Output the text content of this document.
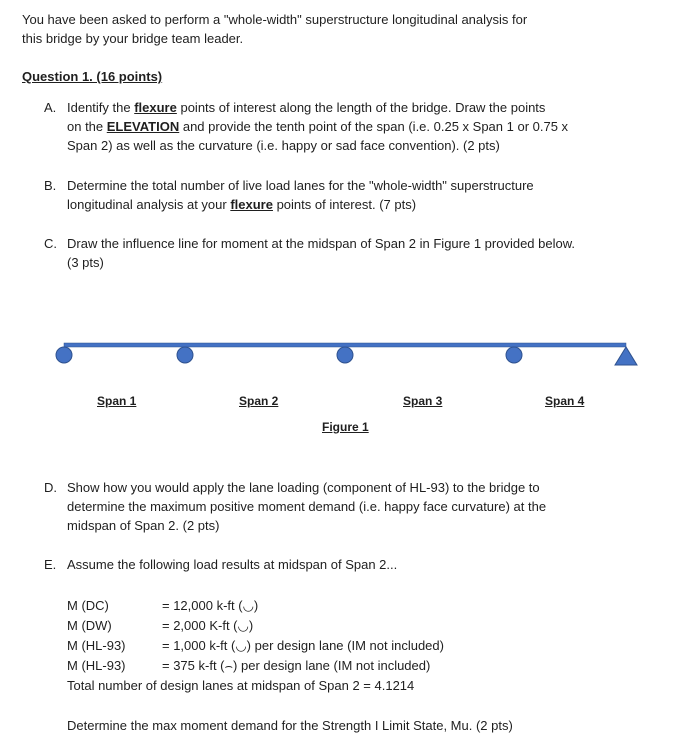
You have been asked to perform a "whole-width" superstructure longitudinal analysis for
this bridge by your bridge team leader.
Question 1. (16 points)
A. Identify the flexure points of interest along the length of the bridge. Draw the points
on the ELEVATION and provide the tenth point of the span (i.e. 0.25 x Span 1 or 0.75 x
Span 2) as well as the curvature (i.e. happy or sad face convention). (2 pts)
B. Determine the total number of live load lanes for the "whole-width" superstructure
longitudinal analysis at your flexure points of interest. (7 pts)
C. Draw the influence line for moment at the midspan of Span 2 in Figure 1 provided below.
(3 pts)
Span 1	Span 2	Span 3	Span 4
Figure 1
D. Show how you would apply the lane loading (component of HL-93) to the bridge to
determine the maximum positive moment demand (i.e. happy face curvature) at the
midspan of Span 2. (2 pts)
E. Assume the following load results at midspan of Span 2...
M (DC)	= 12,000 k-ft (◡)
M (DW)	= 2,000 K-ft (◡)
M (HL-93)	= 1,000 k-ft (◡) per design lane (IM not included)
M (HL-93)	= 375 k-ft (⌢) per design lane (IM not included)
Total number of design lanes at midspan of Span 2 = 4.1214
Determine the max moment demand for the Strength I Limit State, Mu. (2 pts)
